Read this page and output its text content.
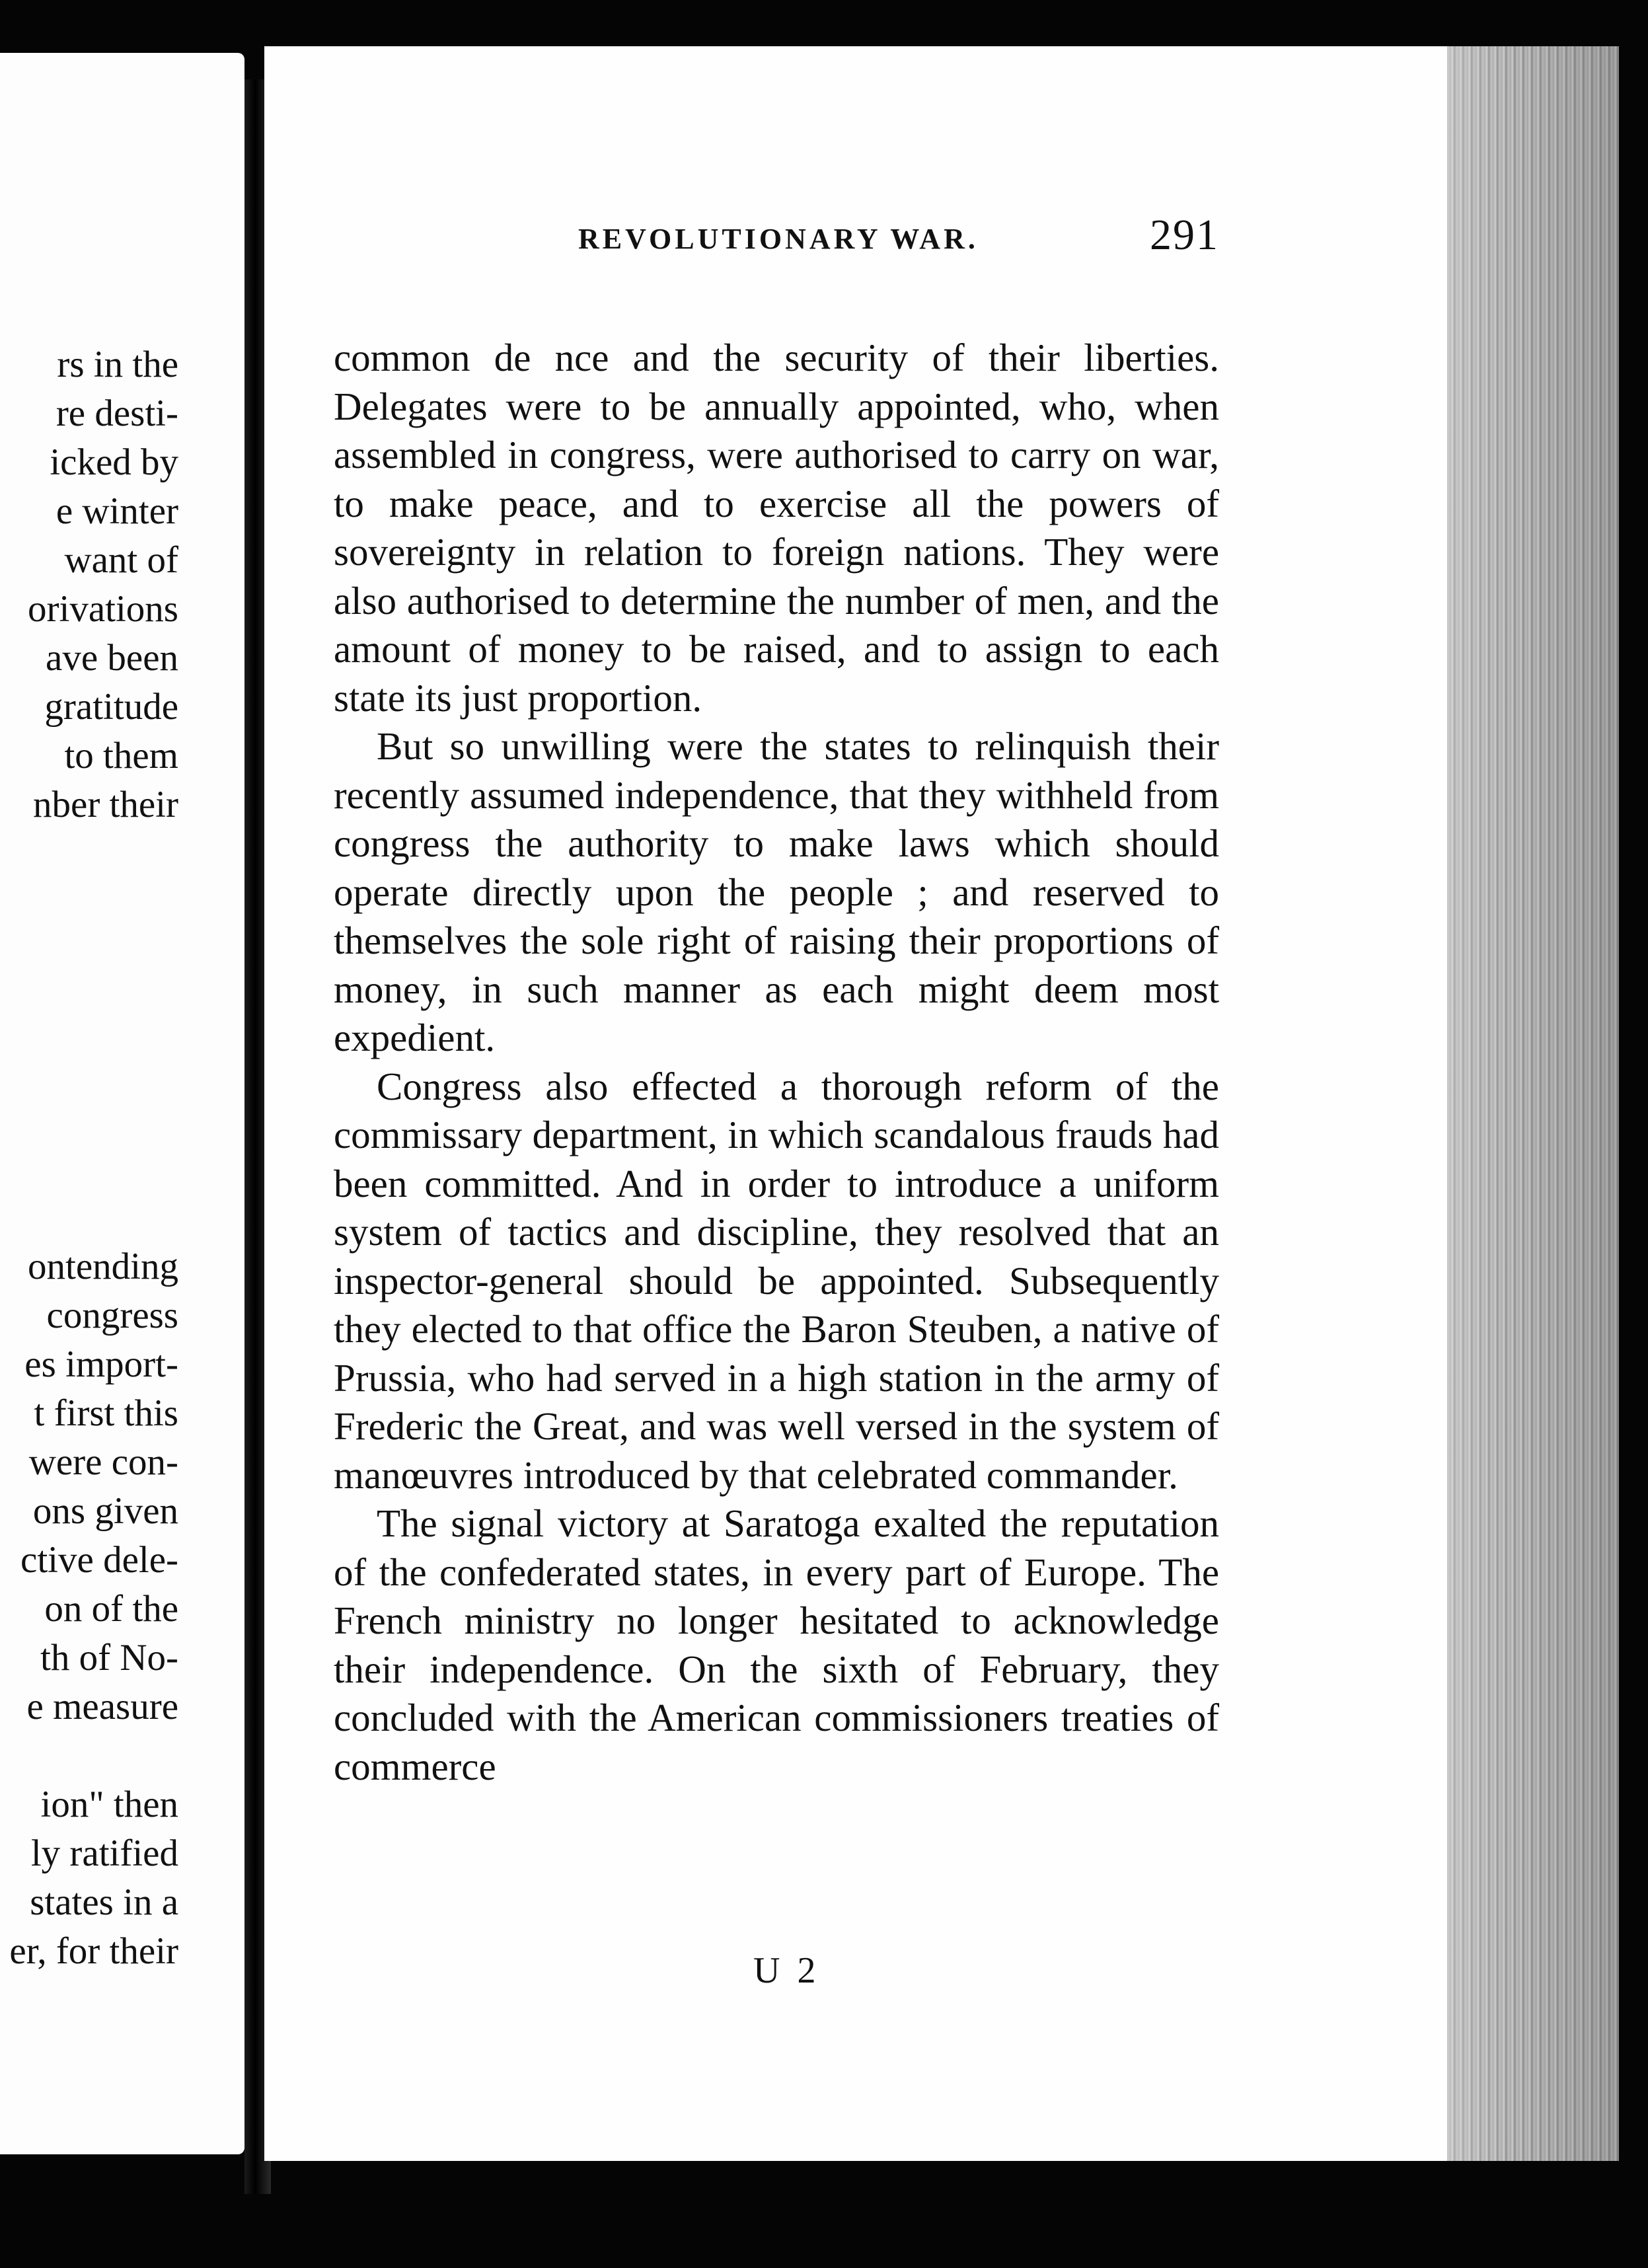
rs in the
re desti-
icked by
e winter
want of
orivations
ave been
gratitude
to them
nber their
ontending
congress
es import-
t first this
were con-
ons given
ctive dele-
on of the
th of No-
e measure

ion" then
ly ratified
states in a
er, for their
REVOLUTIONARY WAR.	291

common de nce and the security of their liberties. Delegates were to be annually appointed, who, when assembled in congress, were authorised to carry on war, to make peace, and to exercise all the powers of sovereignty in relation to foreign nations. They were also authorised to determine the number of men, and the amount of money to be raised, and to assign to each state its just proportion.

But so unwilling were the states to relinquish their recently assumed independence, that they withheld from congress the authority to make laws which should operate directly upon the people ; and reserved to themselves the sole right of raising their proportions of money, in such manner as each might deem most expedient.

Congress also effected a thorough reform of the commissary department, in which scandalous frauds had been committed. And in order to introduce a uniform system of tactics and discipline, they resolved that an inspector-general should be appointed. Subsequently they elected to that office the Baron Steuben, a native of Prussia, who had served in a high station in the army of Frederic the Great, and was well versed in the system of manœuvres introduced by that celebrated commander.

The signal victory at Saratoga exalted the reputation of the confederated states, in every part of Europe. The French ministry no longer hesitated to acknowledge their independence. On the sixth of February, they concluded with the American commissioners treaties of commerce

U 2
